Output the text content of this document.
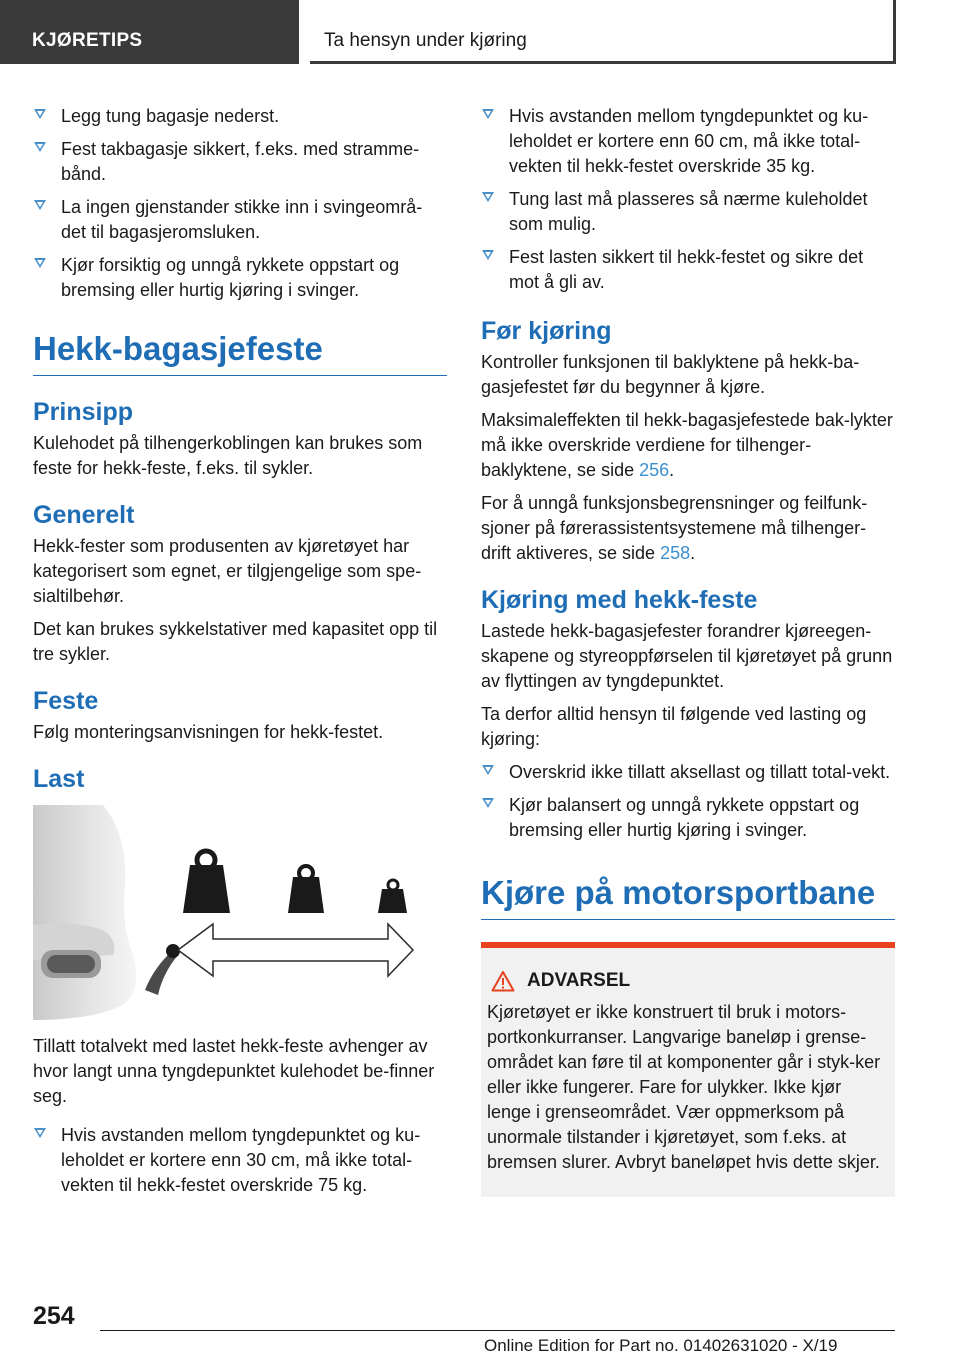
KJØRETIPS	Ta hensyn under kjøring
Legg tung bagasje nederst.
Fest takbagasje sikkert, f.eks. med stramme-bånd.
La ingen gjenstander stikke inn i svingeområ-det til bagasjeromsluken.
Kjør forsiktig og unngå rykkete oppstart og bremsing eller hurtig kjøring i svinger.
Hekk-bagasjefeste
Prinsipp

Kulehodet på tilhengerkoblingen kan brukes som feste for hekk-feste, f.eks. til sykler.

Generelt

Hekk-fester som produsenten av kjøretøyet har kategorisert som egnet, er tilgjengelige som spe-sialtilbehør.

Det kan brukes sykkelstativer med kapasitet opp til tre sykler.

Feste

Følg monteringsanvisningen for hekk-festet.

Last

Tillatt totalvekt med lastet hekk-feste avhenger av hvor langt unna tyngdepunktet kulehodet be-finner seg.

Hvis avstanden mellom tyngdepunktet og ku-leholdet er kortere enn 30 cm, må ikke total-vekten til hekk-festet overskride 75 kg.
Hvis avstanden mellom tyngdepunktet og ku-leholdet er kortere enn 60 cm, må ikke total-vekten til hekk-festet overskride 35 kg.
Tung last må plasseres så nærme kuleholdet som mulig.
Fest lasten sikkert til hekk-festet og sikre det mot å gli av.
Før kjøring

Kontroller funksjonen til baklyktene på hekk-ba-gasjefestet før du begynner å kjøre.

Maksimaleffekten til hekk-bagasjefestede bak-lykter må ikke overskride verdiene for tilhenger-baklyktene, se side 256.

For å unngå funksjonsbegrensninger og feilfunk-sjoner på førerassistentsystemene må tilhenger-drift aktiveres, se side 258.

Kjøring med hekk-feste

Lastede hekk-bagasjefester forandrer kjøreegen-skapene og styreoppførselen til kjøretøyet på grunn av flyttingen av tyngdepunktet.

Ta derfor alltid hensyn til følgende ved lasting og kjøring:

Overskrid ikke tillatt aksellast og tillatt total-vekt.
Kjør balansert og unngå rykkete oppstart og bremsing eller hurtig kjøring i svinger.
Kjøre på motorsportbane
ADVARSEL

Kjøretøyet er ikke konstruert til bruk i motors-portkonkurranser. Langvarige baneløp i grense-området kan føre til at komponenter går i styk-ker eller ikke fungerer. Fare for ulykker. Ikke kjør lenge i grenseområdet. Vær oppmerksom på unormale tilstander i kjøretøyet, som f.eks. at bremsen slurer. Avbryt baneløpet hvis dette skjer.

254
Online Edition for Part no. 01402631020 - X/19
